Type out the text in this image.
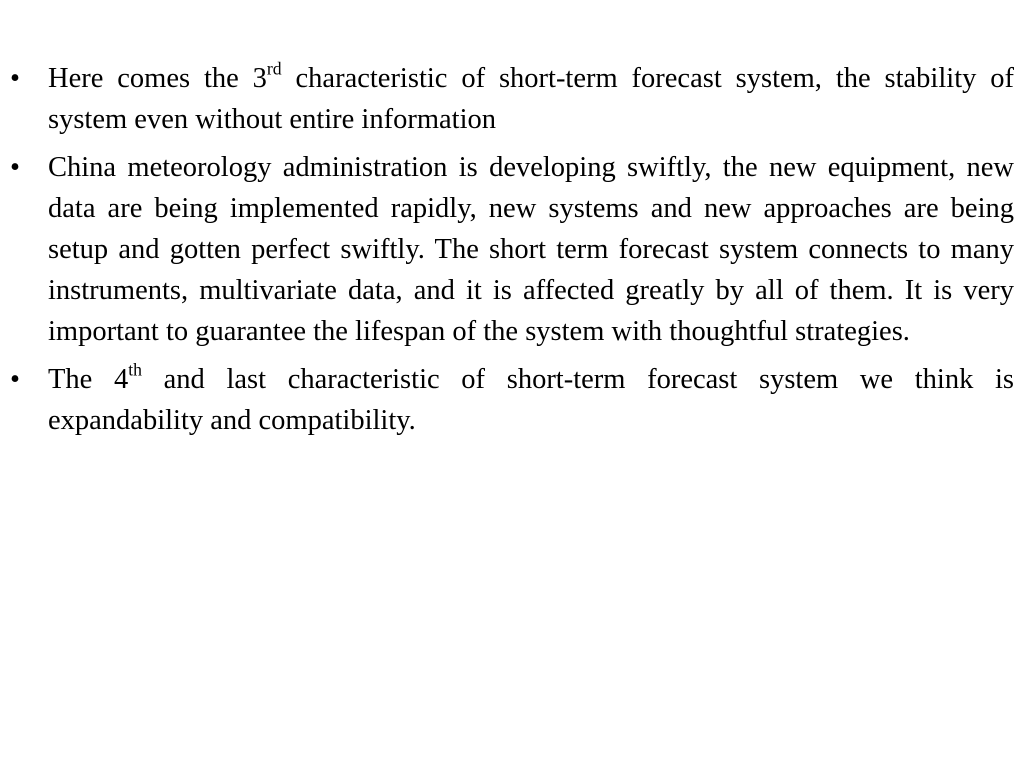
• Here comes the 3rd characteristic of short-term forecast system, the stability of system even without entire information
• China meteorology administration is developing swiftly, the new equipment, new data are being implemented rapidly, new systems and new approaches are being setup and gotten perfect swiftly. The short term forecast system connects to many instruments, multivariate data, and it is affected greatly by all of them. It is very important to guarantee the lifespan of the system with thoughtful strategies.
• The 4th and last characteristic of short-term forecast system we think is expandability and compatibility.
